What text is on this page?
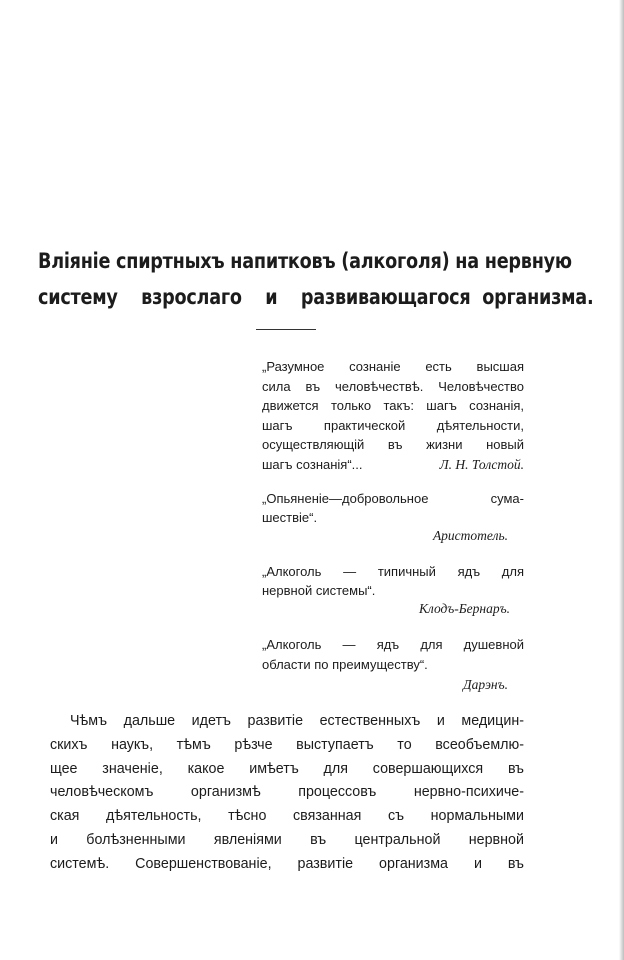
Вліяніе спиртныхъ напитковъ (алкоголя) на нервную
систему взрослаго и развивающагося организма.

„Разумное сознаніе есть высшая
сила въ человѣчествѣ. Человѣчество
движется только такъ: шагъ сознанія,
шагъ практической дѣятельности,
осуществляющій въ жизни новый

шагъ сознанія“...	Л. Н. Толстой.

„Опьяненіе—добровольное сума-
шествіе“.

Аристотель.

„Алкоголь — типичный ядъ для
нервной системы“.

Клодъ-Бернаръ.

„Алкоголь — ядъ для душевной
области по преимуществу“.

Дарэнъ.
Чѣмъ дальше идетъ развитіе естественныхъ и медицин-
скихъ наукъ, тѣмъ рѣзче выступаетъ то всеобъемлю-
щее значеніе, какое имѣетъ для совершающихся въ
человѣческомъ организмѣ процессовъ нервно-психиче-
ская дѣятельность, тѣсно связанная съ нормальными
и болѣзненными явленіями въ центральной нервной
системѣ. Совершенствованіе, развитіе организма и въ
